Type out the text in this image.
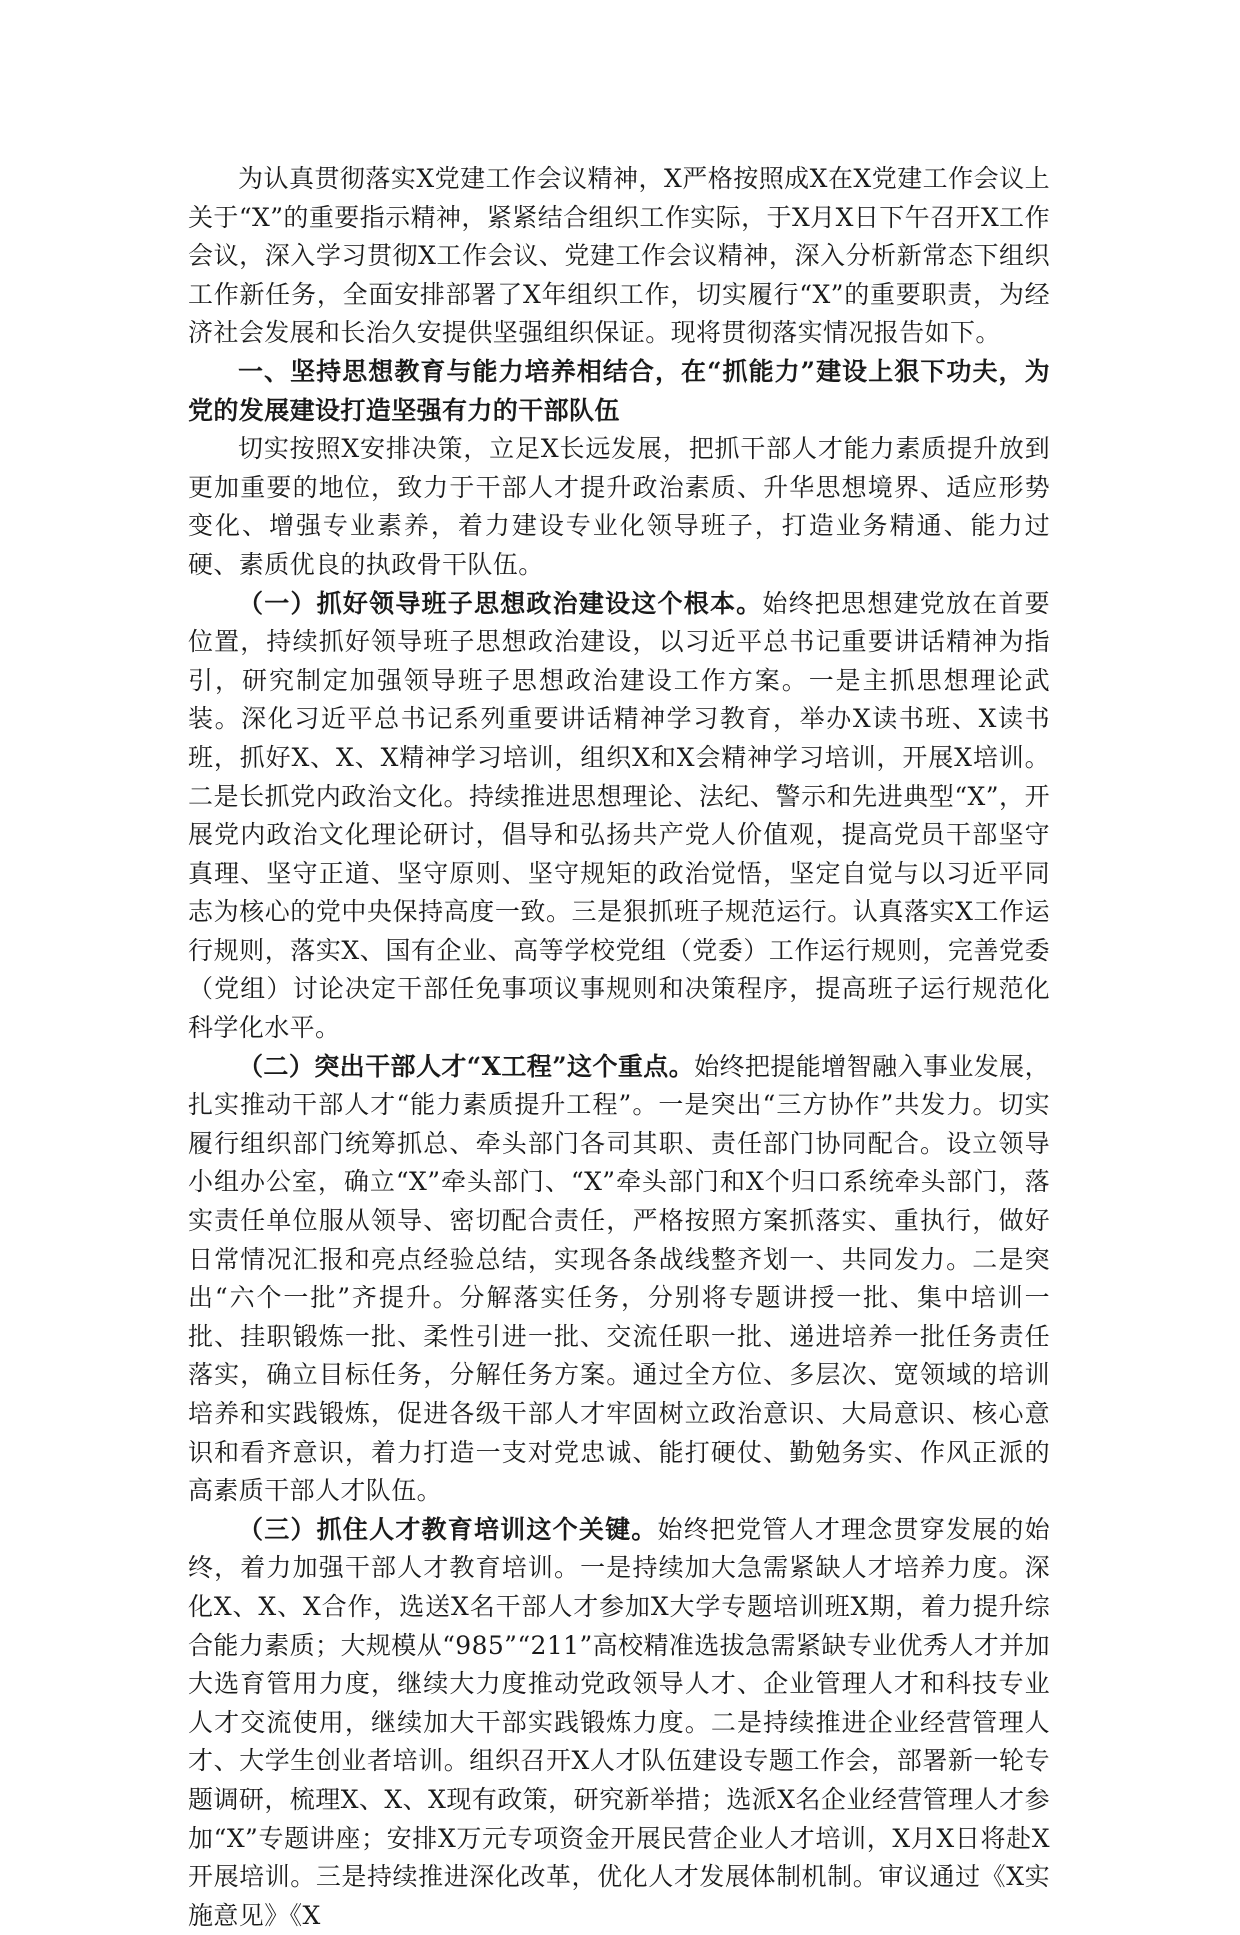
为认真贯彻落实X党建工作会议精神，X严格按照成X在X党建工作会议上关于“X”的重要指示精神，紧紧结合组织工作实际，于X月X日下午召开X工作会议，深入学习贯彻X工作会议、党建工作会议精神，深入分析新常态下组织工作新任务，全面安排部署了X年组织工作，切实履行“X”的重要职责，为经济社会发展和长治久安提供坚强组织保证。现将贯彻落实情况报告如下。

一、坚持思想教育与能力培养相结合，在“抓能力”建设上狠下功夫，为党的发展建设打造坚强有力的干部队伍

切实按照X安排决策，立足X长远发展，把抓干部人才能力素质提升放到更加重要的地位，致力于干部人才提升政治素质、升华思想境界、适应形势变化、增强专业素养，着力建设专业化领导班子，打造业务精通、能力过硬、素质优良的执政骨干队伍。

（一）抓好领导班子思想政治建设这个根本。始终把思想建党放在首要位置，持续抓好领导班子思想政治建设，以习近平总书记重要讲话精神为指引，研究制定加强领导班子思想政治建设工作方案。一是主抓思想理论武装。深化习近平总书记系列重要讲话精神学习教育，举办X读书班、X读书班，抓好X、X、X精神学习培训，组织X和X会精神学习培训，开展X培训。二是长抓党内政治文化。持续推进思想理论、法纪、警示和先进典型“X”，开展党内政治文化理论研讨，倡导和弘扬共产党人价值观，提高党员干部坚守真理、坚守正道、坚守原则、坚守规矩的政治觉悟，坚定自觉与以习近平同志为核心的党中央保持高度一致。三是狠抓班子规范运行。认真落实X工作运行规则，落实X、国有企业、高等学校党组（党委）工作运行规则，完善党委（党组）讨论决定干部任免事项议事规则和决策程序，提高班子运行规范化科学化水平。

（二）突出干部人才“X工程”这个重点。始终把提能增智融入事业发展，扎实推动干部人才“能力素质提升工程”。一是突出“三方协作”共发力。切实履行组织部门统筹抓总、牵头部门各司其职、责任部门协同配合。设立领导小组办公室，确立“X”牵头部门、“X”牵头部门和X个归口系统牵头部门，落实责任单位服从领导、密切配合责任，严格按照方案抓落实、重执行，做好日常情况汇报和亮点经验总结，实现各条战线整齐划一、共同发力。二是突出“六个一批”齐提升。分解落实任务，分别将专题讲授一批、集中培训一批、挂职锻炼一批、柔性引进一批、交流任职一批、递进培养一批任务责任落实，确立目标任务，分解任务方案。通过全方位、多层次、宽领域的培训培养和实践锻炼，促进各级干部人才牢固树立政治意识、大局意识、核心意识和看齐意识，着力打造一支对党忠诚、能打硬仗、勤勉务实、作风正派的高素质干部人才队伍。

（三）抓住人才教育培训这个关键。始终把党管人才理念贯穿发展的始终，着力加强干部人才教育培训。一是持续加大急需紧缺人才培养力度。深化X、X、X合作，选送X名干部人才参加X大学专题培训班X期，着力提升综合能力素质；大规模从“985”“211”高校精准选拔急需紧缺专业优秀人才并加大选育管用力度，继续大力度推动党政领导人才、企业管理人才和科技专业人才交流使用，继续加大干部实践锻炼力度。二是持续推进企业经营管理人才、大学生创业者培训。组织召开X人才队伍建设专题工作会，部署新一轮专题调研，梳理X、X、X现有政策，研究新举措；选派X名企业经营管理人才参加“X”专题讲座；安排X万元专项资金开展民营企业人才培训，X月X日将赴X开展培训。三是持续推进深化改革，优化人才发展体制机制。审议通过《X实施意见》《X
